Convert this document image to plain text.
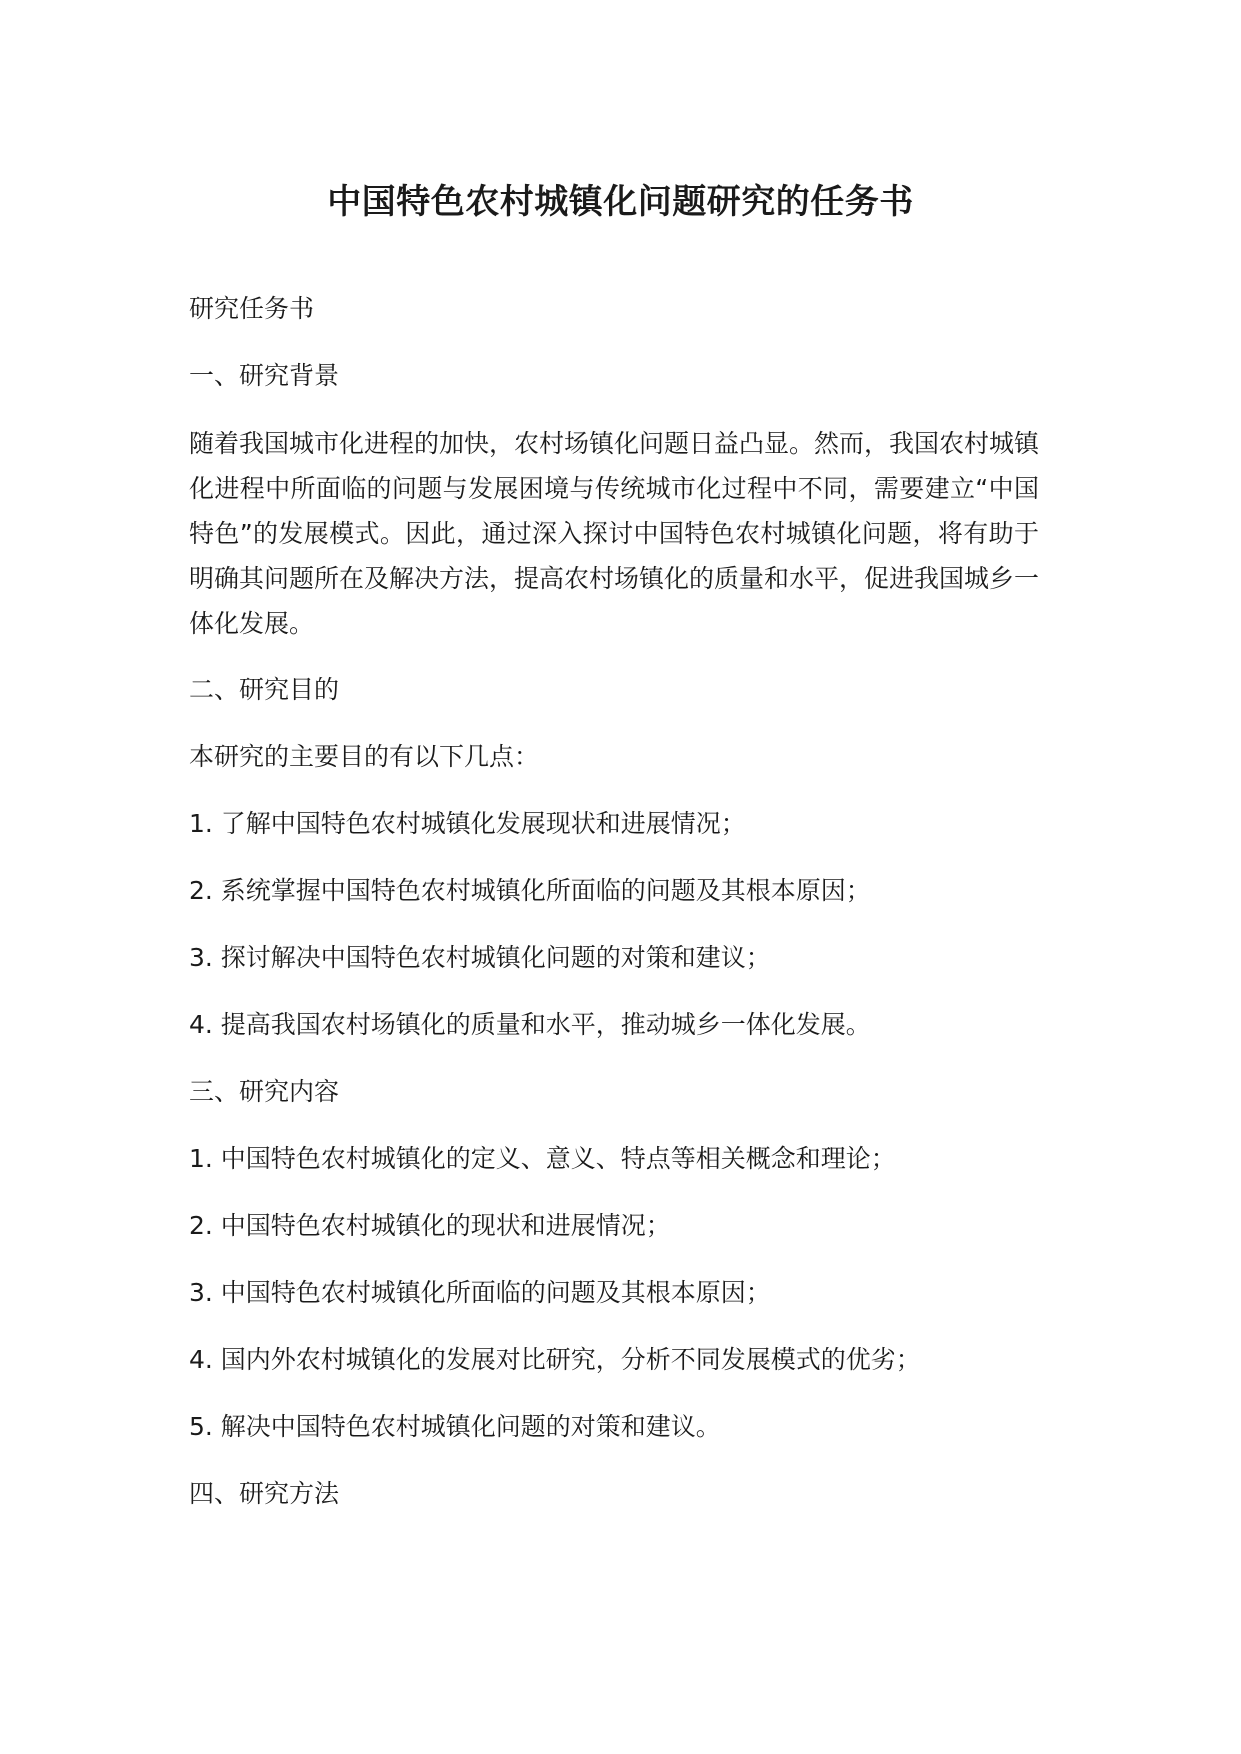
中国特色农村城镇化问题研究的任务书

研究任务书

一、研究背景

随着我国城市化进程的加快，农村场镇化问题日益凸显。然而，我国农村城镇化进程中所面临的问题与发展困境与传统城市化过程中不同，需要建立“中国特色”的发展模式。因此，通过深入探讨中国特色农村城镇化问题，将有助于明确其问题所在及解决方法，提高农村场镇化的质量和水平，促进我国城乡一体化发展。

二、研究目的

本研究的主要目的有以下几点：

1. 了解中国特色农村城镇化发展现状和进展情况；

2. 系统掌握中国特色农村城镇化所面临的问题及其根本原因；

3. 探讨解决中国特色农村城镇化问题的对策和建议；

4. 提高我国农村场镇化的质量和水平，推动城乡一体化发展。

三、研究内容

1. 中国特色农村城镇化的定义、意义、特点等相关概念和理论；

2. 中国特色农村城镇化的现状和进展情况；

3. 中国特色农村城镇化所面临的问题及其根本原因；

4. 国内外农村城镇化的发展对比研究，分析不同发展模式的优劣；

5. 解决中国特色农村城镇化问题的对策和建议。

四、研究方法
